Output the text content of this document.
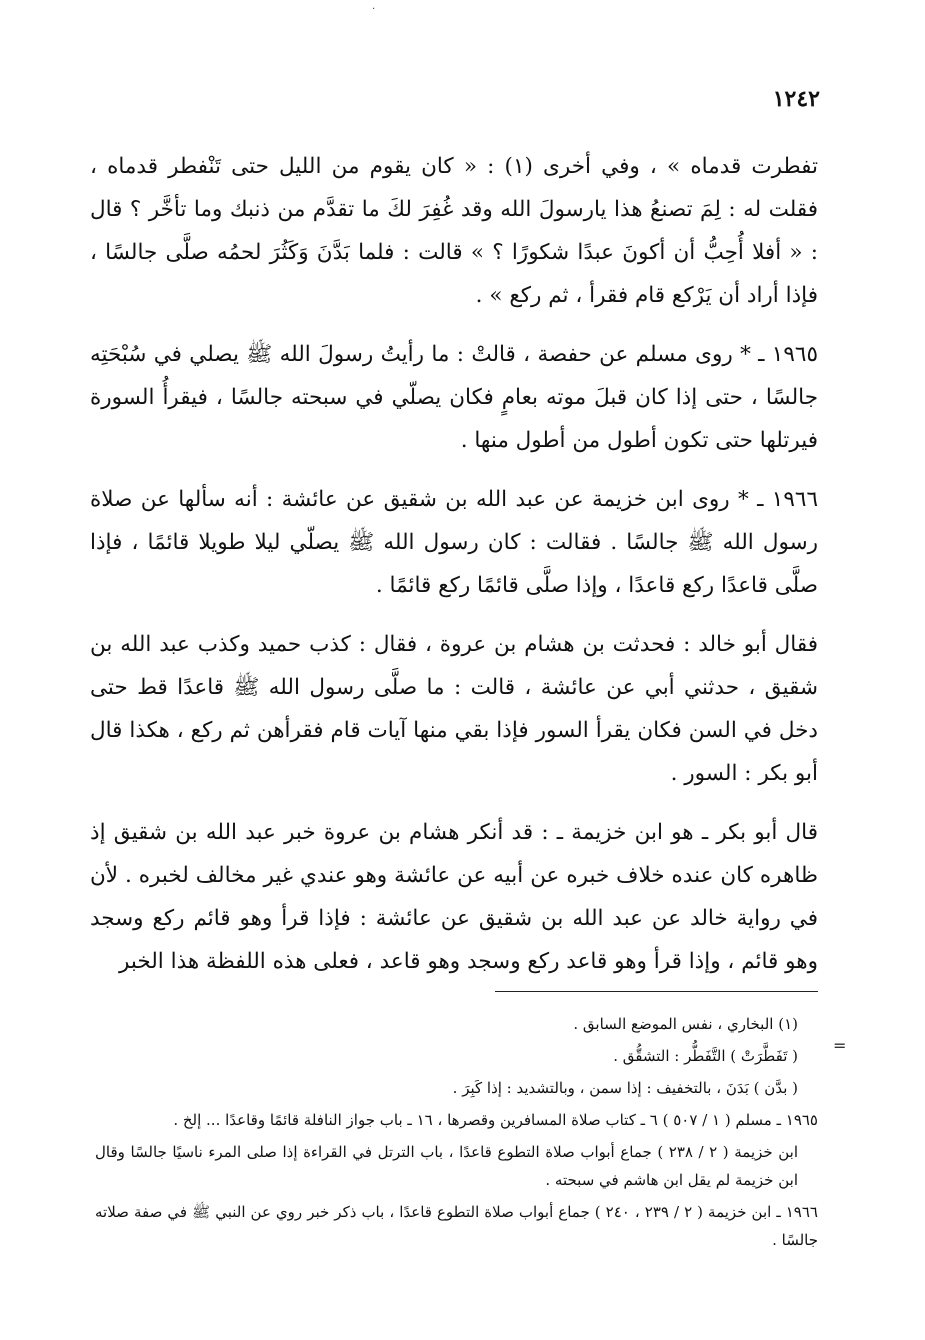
·
١٢٤٢

تفطرت قدماه » ، وفي أخرى (١) : « كان يقوم من الليل حتى تَنْفطر قدماه ، فقلت له : لِمَ تصنعُ هذا يارسولَ الله وقد غُفِرَ لكَ ما تقدَّم من ذنبك وما تأخَّر ؟ قال : « أفلا أُحِبُّ أن أكونَ عبدًا شكورًا ؟ » قالت : فلما بَدَّنَ وَكَثُرَ لحمُه صلَّى جالسًا ، فإذا أراد أن يَرْكع قام فقرأ ، ثم ركع » .

١٩٦٥ ـ * روى مسلم عن حفصة ، قالتْ : ما رأيتُ رسولَ الله ﷺ يصلي في سُبْحَتِه جالسًا ، حتى إذا كان قبلَ موته بعامٍ فكان يصلّي في سبحته جالسًا ، فيقرأُ السورة فيرتلها حتى تكون أطول من أطول منها .

١٩٦٦ ـ * روى ابن خزيمة عن عبد الله بن شقيق عن عائشة : أنه سألها عن صلاة رسول الله ﷺ جالسًا . فقالت : كان رسول الله ﷺ يصلّي ليلا طويلا قائمًا ، فإذا صلَّى قاعدًا ركع قاعدًا ، وإذا صلَّى قائمًا ركع قائمًا .

فقال أبو خالد : فحدثت بن هشام بن عروة ، فقال : كذب حميد وكذب عبد الله بن شقيق ، حدثني أبي عن عائشة ، قالت : ما صلَّى رسول الله ﷺ قاعدًا قط حتى دخل في السن فكان يقرأ السور فإذا بقي منها آيات قام فقرأهن ثم ركع ، هكذا قال أبو بكر : السور .

قال أبو بكر ـ هو ابن خزيمة ـ : قد أنكر هشام بن عروة خبر عبد الله بن شقيق إذ ظاهره كان عنده خلاف خبره عن أبيه عن عائشة وهو عندي غير مخالف لخبره . لأن في رواية خالد عن عبد الله بن شقيق عن عائشة : فإذا قرأ وهو قائم ركع وسجد وهو قائم ، وإذا قرأ وهو قاعد ركع وسجد وهو قاعد ، فعلى هذه اللفظة هذا الخبر

=

(١) البخاري ، نفس الموضع السابق .

( تَفَطَّرَتْ ) التَّفَطُّر : التشقُّق .

( بدَّن ) بَدَنَ ، بالتخفيف : إذا سمن ، وبالتشديد : إذا كَبِرَ .

١٩٦٥ ـ مسلم ( ١ / ٥٠٧ ) ٦ ـ كتاب صلاة المسافرين وقصرها ، ١٦ ـ باب جواز النافلة قائمًا وقاعدًا ... إلخ .

ابن خزيمة ( ٢ / ٢٣٨ ) جماع أبواب صلاة التطوع قاعدًا ، باب الترتل في القراءة إذا صلى المرء ناسيًا جالسًا وقال ابن خزيمة لم يقل ابن هاشم في سبحته .

١٩٦٦ ـ ابن خزيمة ( ٢ / ٢٣٩ ، ٢٤٠ ) جماع أبواب صلاة التطوع قاعدًا ، باب ذكر خبر روي عن النبي ﷺ في صفة صلاته جالسًا .
